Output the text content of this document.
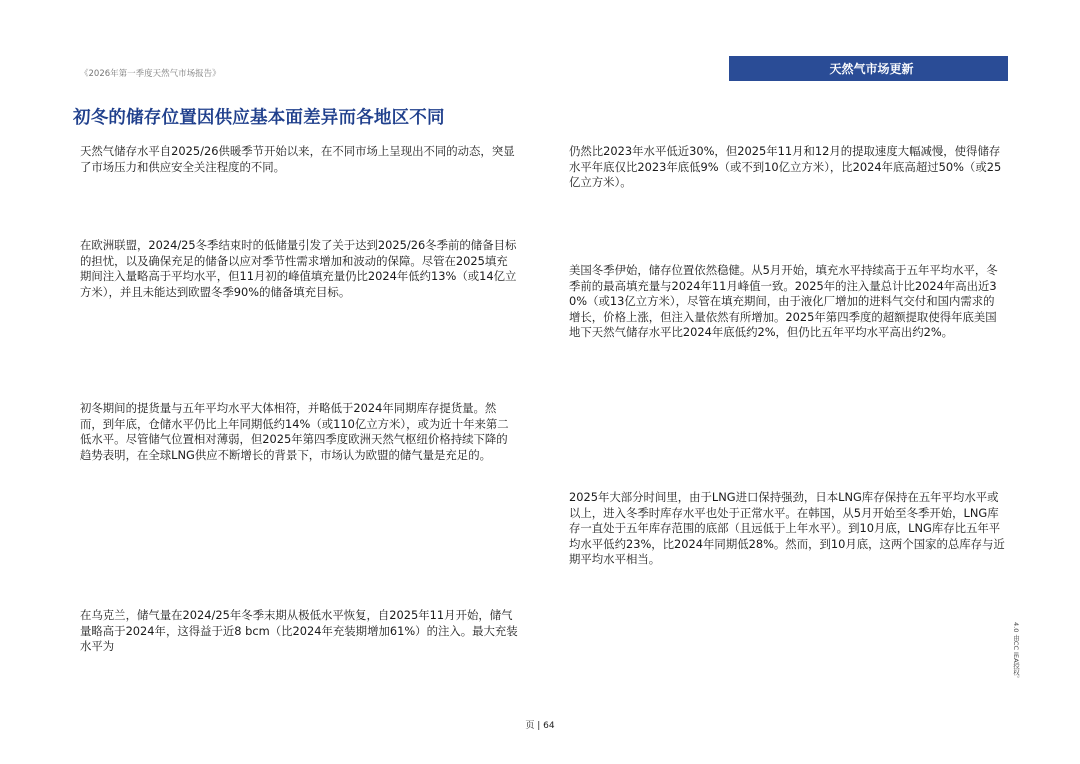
《2026年第一季度天然气市场报告》	天然气市场更新
初冬的储存位置因供应基本面差异而各地区不同

天然气储存水平自2025/26供暖季节开始以来，在不同市场上呈现出不同的动态，突显了市场压力和供应安全关注程度的不同。

在欧洲联盟，2024/25冬季结束时的低储量引发了关于达到2025/26冬季前的储备目标的担忧，以及确保充足的储备以应对季节性需求增加和波动的保障。尽管在2025填充期间注入量略高于平均水平，但11月初的峰值填充量仍比2024年低约13%（或14亿立方米），并且未能达到欧盟冬季90%的储备填充目标。

初冬期间的提货量与五年平均水平大体相符，并略低于2024年同期库存提货量。然而，到年底，仓储水平仍比上年同期低约14%（或110亿立方米），或为近十年来第二低水平。尽管储气位置相对薄弱，但2025年第四季度欧洲天然气枢纽价格持续下降的趋势表明，在全球LNG供应不断增长的背景下，市场认为欧盟的储气量是充足的。

在乌克兰，储气量在2024/25年冬季末期从极低水平恢复，自2025年11月开始，储气量略高于2024年，这得益于近8 bcm（比2024年充装期增加61%）的注入。最大充装水平为

仍然比2023年水平低近30%，但2025年11月和12月的提取速度大幅减慢，使得储存水平年底仅比2023年底低9%（或不到10亿立方米），比2024年底高超过50%（或25亿立方米）。

美国冬季伊始，储存位置依然稳健。从5月开始，填充水平持续高于五年平均水平，冬季前的最高填充量与2024年11月峰值一致。2025年的注入量总计比2024年高出近30%（或13亿立方米），尽管在填充期间，由于液化厂增加的进料气交付和国内需求的增长，价格上涨，但注入量依然有所增加。2025年第四季度的超额提取使得年底美国地下天然气储存水平比2024年底低约2%，但仍比五年平均水平高出约2%。

2025年大部分时间里，由于LNG进口保持强劲，日本LNG库存保持在五年平均水平或以上，进入冬季时库存水平也处于正常水平。在韩国，从5月开始至冬季开始，LNG库存一直处于五年库存范围的底部（且远低于上年水平）。到10月底，LNG库存比五年平均水平低约23%，比2024年同期低28%。然而，到10月底，这两个国家的总库存与近期平均水平相当。

4.0 由CC IEA授权。
页 | 64
